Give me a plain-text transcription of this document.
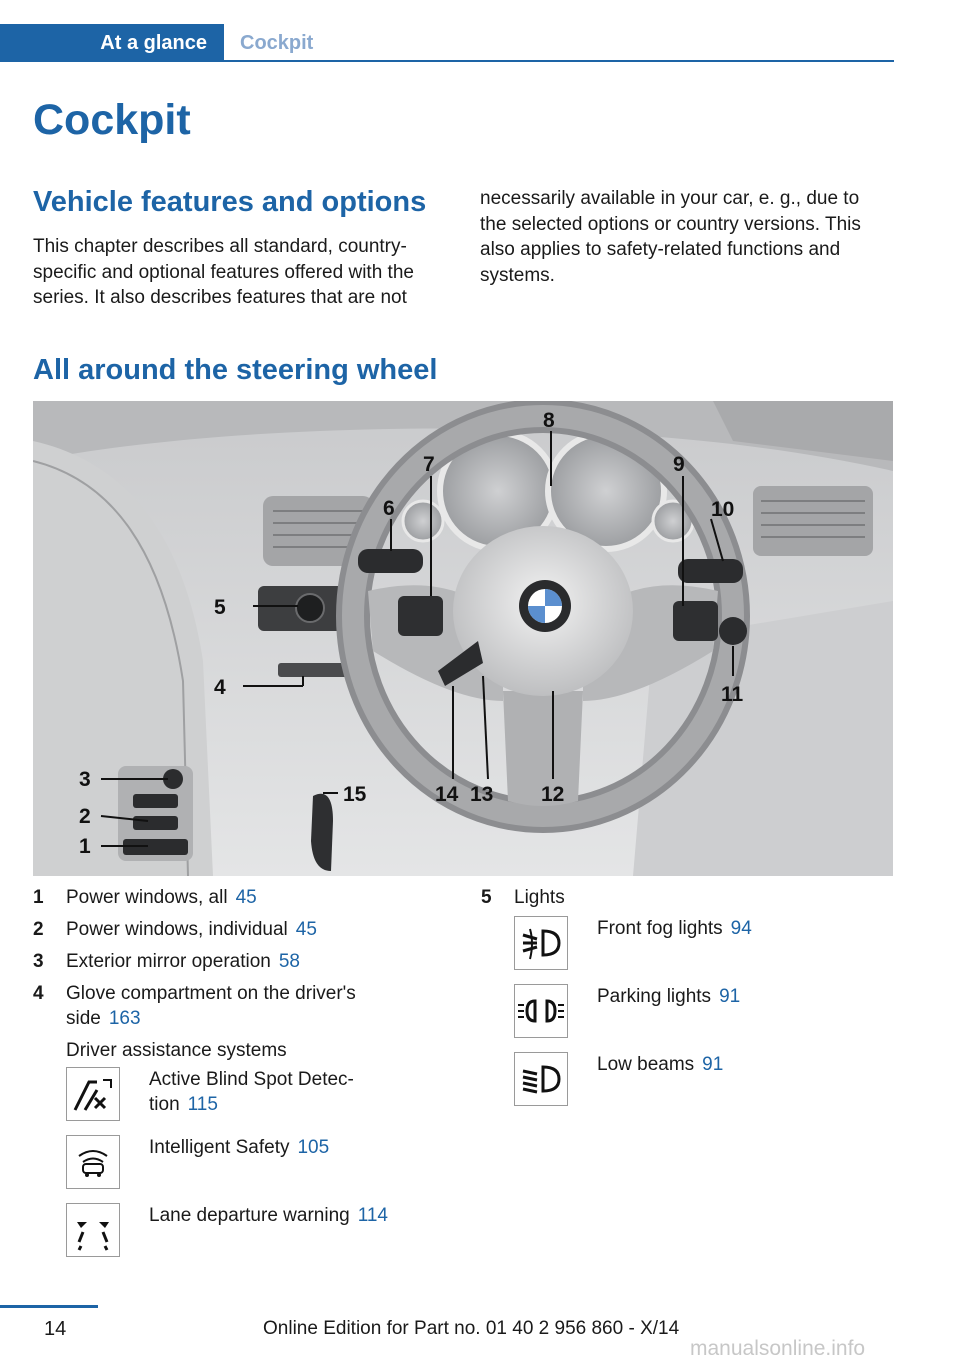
At a glance	Cockpit
Cockpit
Vehicle features and options

This chapter describes all standard, country-specific and optional features offered with the series. It also describes features that are not

necessarily available in your car, e. g., due to the selected options or country versions. This also applies to safety-related functions and systems.

All around the steering wheel
1
2
3
4
5
6
7
8
9
10
11
12
13
14
15
1 Power windows, all 45
2 Power windows, individual 45
3 Exterior mirror operation 58
4 Glove compartment on the driver's
side 163
Driver assistance systems
Active Blind Spot Detec-
tion 115
Intelligent Safety 105
Lane departure warning 114
5 Lights
Front fog lights 94
Parking lights 91
Low beams 91
14	Online Edition for Part no. 01 40 2 956 860 - X/14
manualsonline.info
